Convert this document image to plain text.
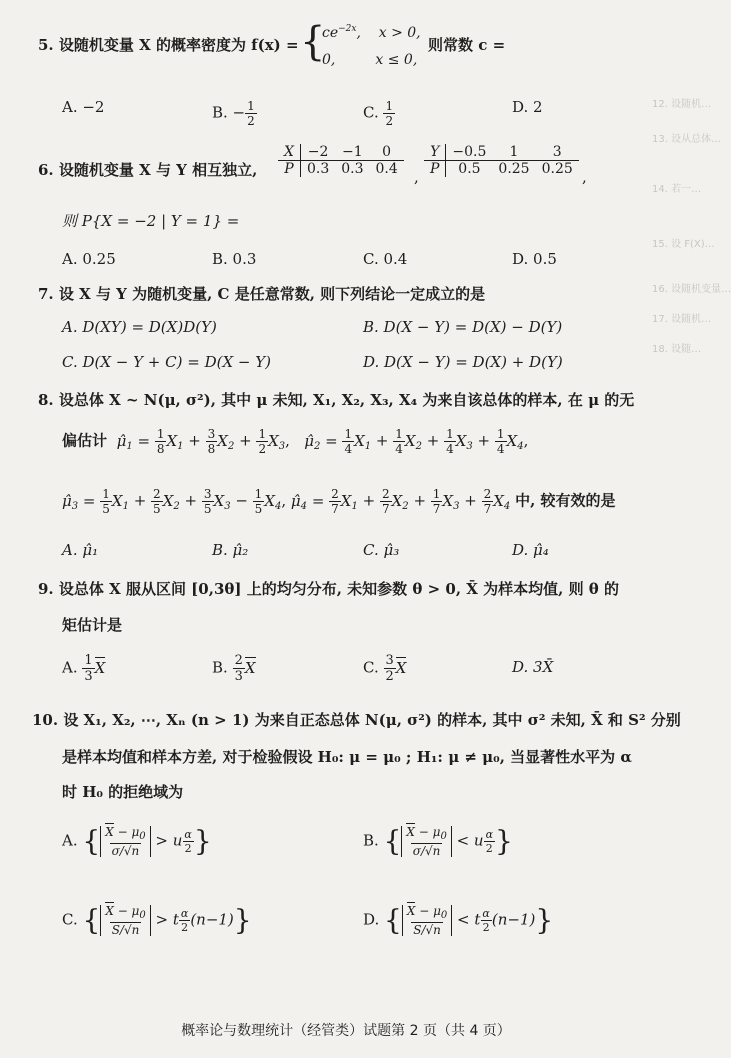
12. 设随机…
13. 设从总体…
14. 若一…
15. 设 F(X)…
16. 设随机变量…
17. 设随机…
18. 设随…
5. 设随机变量 X 的概率密度为 f(x) = {
$ce^{-2x}$,    x > 0,
0,         x ≤ 0,
则常数 c =
A. −2	B. − $\frac{1}{2}$	C. $\frac{1}{2}$	D. 2
6. 设随机变量 X 与 Y 相互独立,
X	−2	−1	0
P	0.3	0.3	0.4 ,
Y	−0.5	1	3
P	0.5	0.25	0.25 ,
则 P{X = −2 | Y = 1} =
A. 0.25	B. 0.3	C. 0.4	D. 0.5
7. 设 X 与 Y 为随机变量, C 是任意常数, 则下列结论一定成立的是
A. D(XY) = D(X)D(Y)	B. D(X − Y) = D(X) − D(Y)
C. D(X − Y + C) = D(X − Y)	D. D(X − Y) = D(X) + D(Y)
8. 设总体 X ~ N(μ, σ²), 其中 μ 未知, X₁, X₂, X₃, X₄ 为来自该总体的样本, 在 μ 的无
偏估计  $\mû_1 = \frac{1}{8} X_1 + \frac{3}{8} X_2 + \frac{1}{2} X_3$,   $\mû_2 = \frac{1}{4} X_1 + \frac{1}{4} X_2 + \frac{1}{4} X_3 + \frac{1}{4} X_4$,
$\mû_3 = \frac{1}{5} X_1 + \frac{2}{5} X_2 + \frac{3}{5} X_3 - \frac{1}{5} X_4$, $\mû_4 = \frac{2}{7} X_1 + \frac{2}{7} X_2 + \frac{1}{7} X_3 + \frac{2}{7} X_4$ 中, 较有效的是
A. μ̂₁	B. μ̂₂	C. μ̂₃	D. μ̂₄
9. 设总体 X 服从区间 [0,3θ] 上的均匀分布, 未知参数 θ > 0, X̄ 为样本均值, 则 θ 的
矩估计是
A. $\frac{1}{3}$ X	B. $\frac{2}{3}$ X	C. $\frac{3}{2}$ X	D. 3X̄
10. 设 X₁, X₂, ⋯, Xₙ (n > 1) 为来自正态总体 N(μ, σ²) 的样本, 其中 σ² 未知, X̄ 和 S² 分别
是样本均值和样本方差, 对于检验假设 H₀: μ = μ₀ ; H₁: μ ≠ μ₀, 当显著性水平为 α
时 H₀ 的拒绝域为
A. { $\frac{X - \mu_0}{\sigma/√n} > u \frac{\alpha}{2}$ }	B. { $\frac{X - \mu_0}{\sigma/√n} < u \frac{\alpha}{2}$ }
C. { $\frac{X - \mu_0}{S/√n} > t \frac{\alpha}{2} (n-1)$}	D. { $\frac{X - \mu_0}{S/√n} < t \frac{\alpha}{2} (n-1)$}
概率论与数理统计（经管类）试题第 2 页（共 4 页）
